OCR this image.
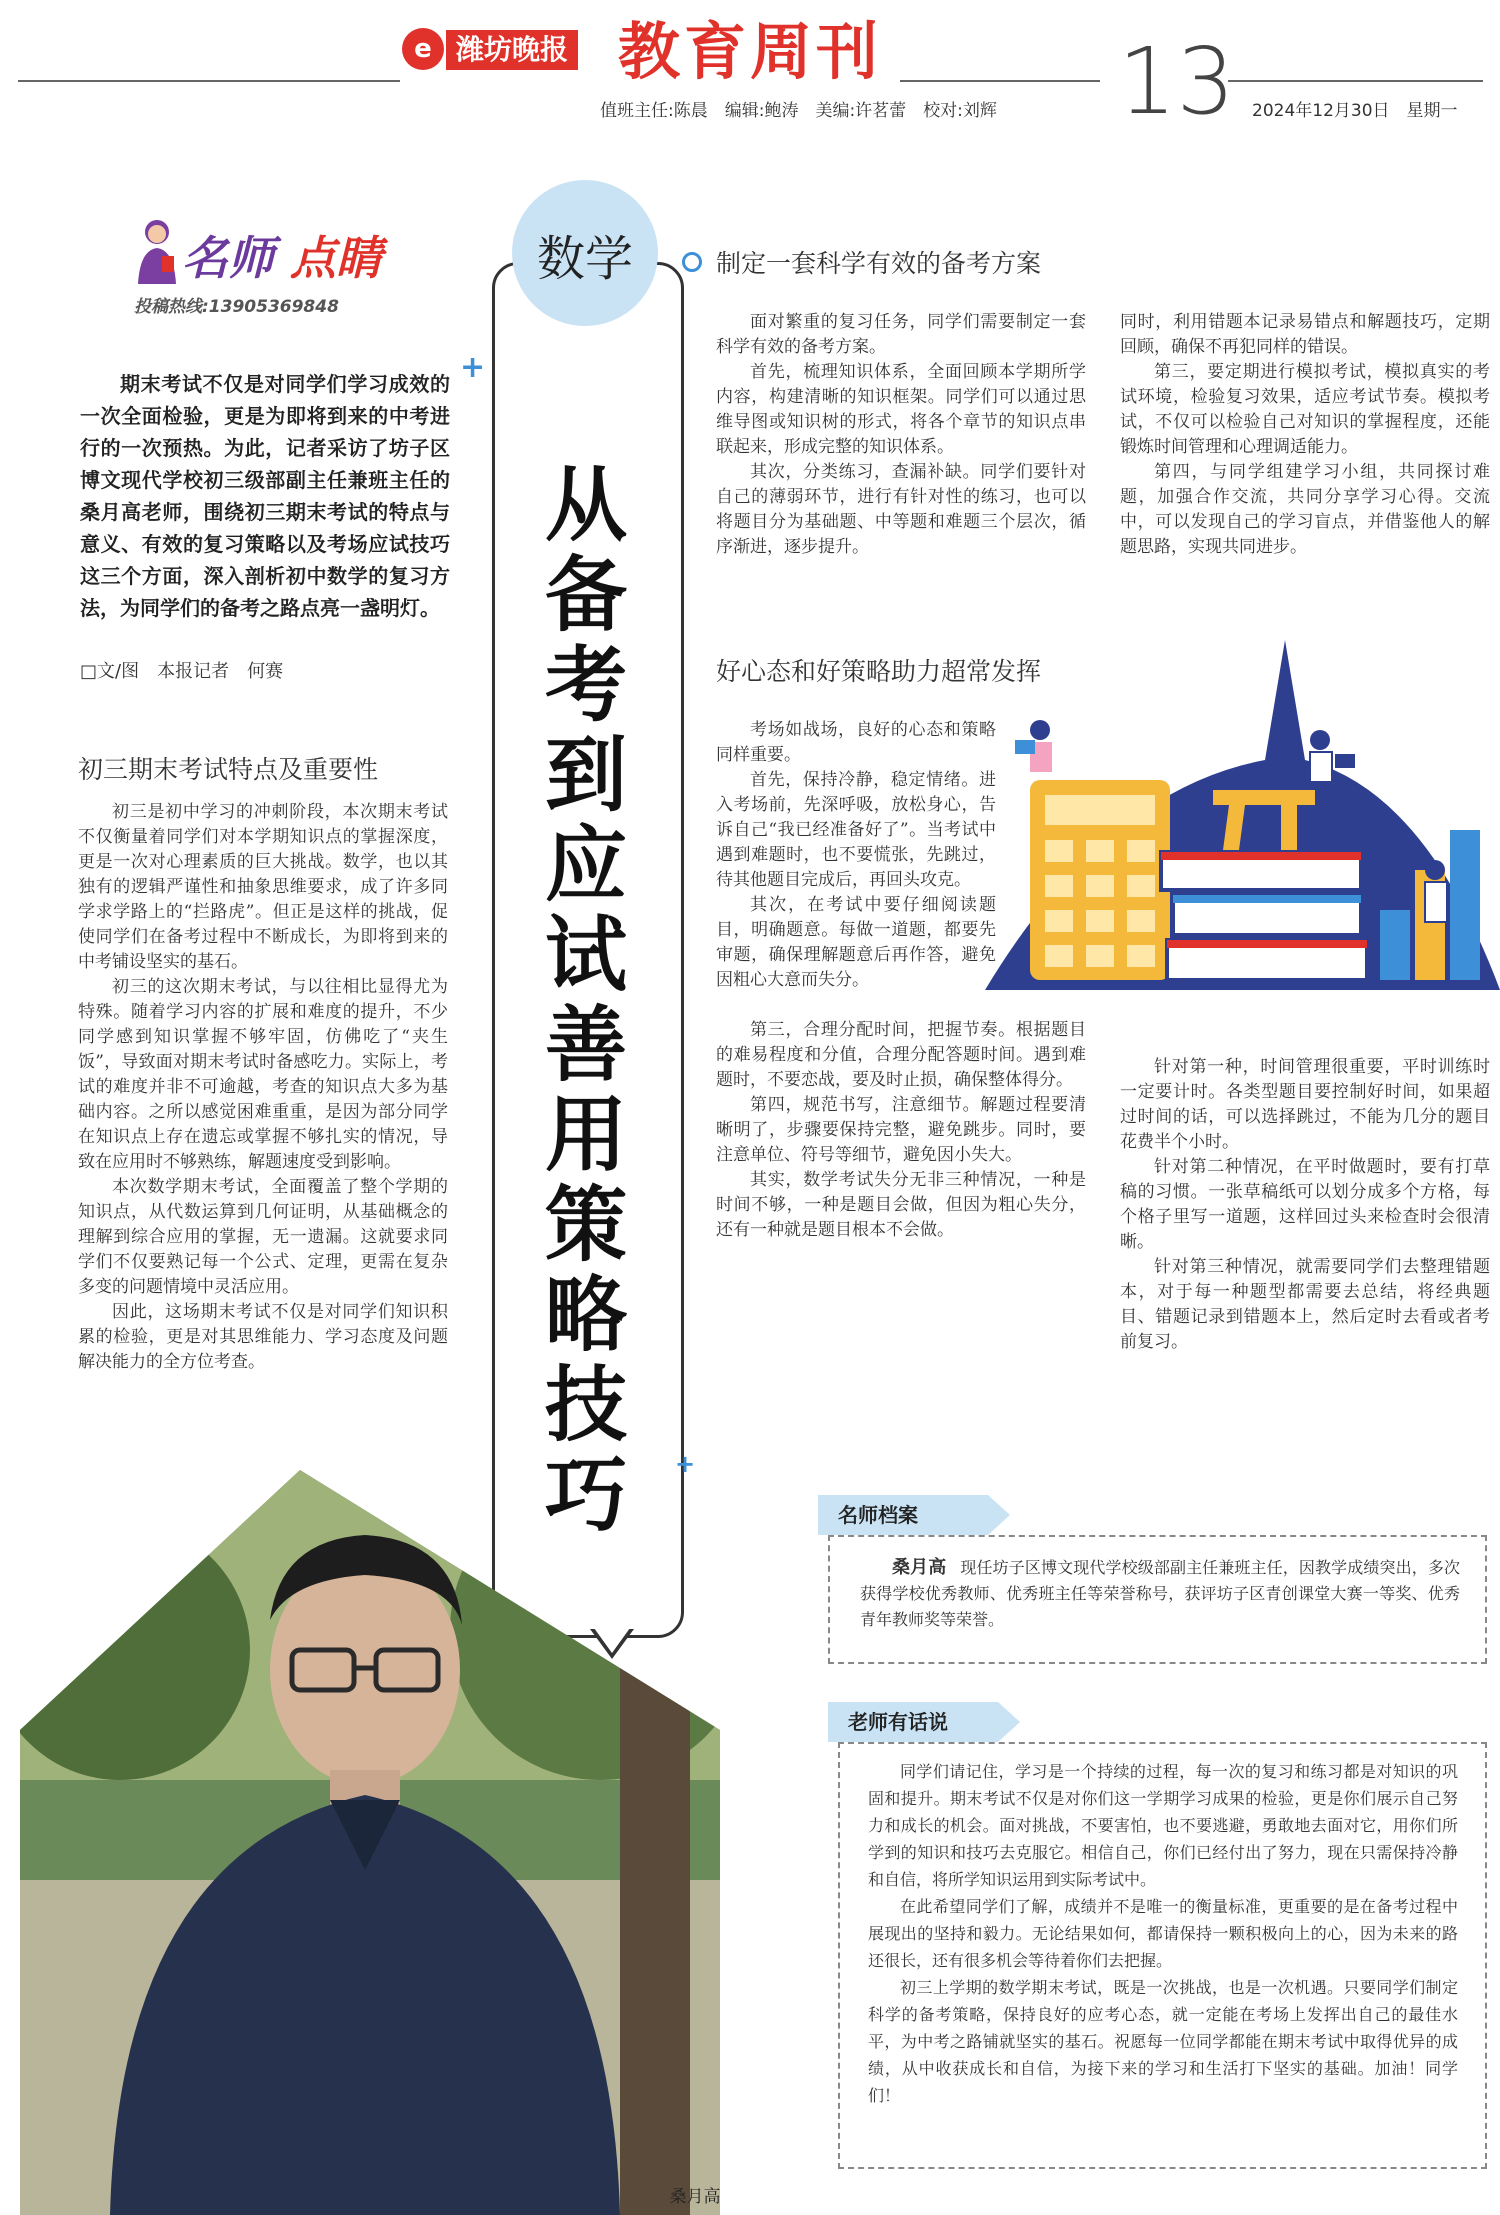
e 潍坊晚报 教育周刊
值班主任:陈晨　编辑:鲍涛　美编:许茗蕾　校对:刘辉 13 2024年12月30日　星期一
名师 点睛
投稿热线:13905369848

期末考试不仅是对同学们学习成效的一次全面检验，更是为即将到来的中考进行的一次预热。为此，记者采访了坊子区博文现代学校初三级部副主任兼班主任的桑月高老师，围绕初三期末考试的特点与意义、有效的复习策略以及考场应试技巧这三个方面，深入剖析初中数学的复习方法，为同学们的备考之路点亮一盏明灯。

□文/图　本报记者　何赛
+
初三期末考试特点及重要性

初三是初中学习的冲刺阶段，本次期末考试不仅衡量着同学们对本学期知识点的掌握深度，更是一次对心理素质的巨大挑战。数学，也以其独有的逻辑严谨性和抽象思维要求，成了许多同学求学路上的“拦路虎”。但正是这样的挑战，促使同学们在备考过程中不断成长，为即将到来的中考铺设坚实的基石。

初三的这次期末考试，与以往相比显得尤为特殊。随着学习内容的扩展和难度的提升，不少同学感到知识掌握不够牢固，仿佛吃了“夹生饭”，导致面对期末考试时备感吃力。实际上，考试的难度并非不可逾越，考查的知识点大多为基础内容。之所以感觉困难重重，是因为部分同学在知识点上存在遗忘或掌握不够扎实的情况，导致在应用时不够熟练，解题速度受到影响。

本次数学期末考试，全面覆盖了整个学期的知识点，从代数运算到几何证明，从基础概念的理解到综合应用的掌握，无一遗漏。这就要求同学们不仅要熟记每一个公式、定理，更需在复杂多变的问题情境中灵活应用。

因此，这场期末考试不仅是对同学们知识积累的检验，更是对其思维能力、学习态度及问题解决能力的全方位考查。

数学
从备考到应试　善用策略技巧 +
制定一套科学有效的备考方案

面对繁重的复习任务，同学们需要制定一套科学有效的备考方案。

首先，梳理知识体系，全面回顾本学期所学内容，构建清晰的知识框架。同学们可以通过思维导图或知识树的形式，将各个章节的知识点串联起来，形成完整的知识体系。

其次，分类练习，查漏补缺。同学们要针对自己的薄弱环节，进行有针对性的练习，也可以将题目分为基础题、中等题和难题三个层次，循序渐进，逐步提升。

同时，利用错题本记录易错点和解题技巧，定期回顾，确保不再犯同样的错误。

第三，要定期进行模拟考试，模拟真实的考试环境，检验复习效果，适应考试节奏。模拟考试，不仅可以检验自己对知识的掌握程度，还能锻炼时间管理和心理调适能力。

第四，与同学组建学习小组，共同探讨难题，加强合作交流，共同分享学习心得。交流中，可以发现自己的学习盲点，并借鉴他人的解题思路，实现共同进步。

好心态和好策略助力超常发挥

考场如战场，良好的心态和策略同样重要。

首先，保持冷静，稳定情绪。进入考场前，先深呼吸，放松身心，告诉自己“我已经准备好了”。当考试中遇到难题时，也不要慌张，先跳过，待其他题目完成后，再回头攻克。

其次，在考试中要仔细阅读题目，明确题意。每做一道题，都要先审题，确保理解题意后再作答，避免因粗心大意而失分。

第三，合理分配时间，把握节奏。根据题目的难易程度和分值，合理分配答题时间。遇到难题时，不要恋战，要及时止损，确保整体得分。

第四，规范书写，注意细节。解题过程要清晰明了，步骤要保持完整，避免跳步。同时，要注意单位、符号等细节，避免因小失大。

其实，数学考试失分无非三种情况，一种是时间不够，一种是题目会做，但因为粗心失分，还有一种就是题目根本不会做。

针对第一种，时间管理很重要，平时训练时一定要计时。各类型题目要控制好时间，如果超过时间的话，可以选择跳过，不能为几分的题目花费半个小时。

针对第二种情况，在平时做题时，要有打草稿的习惯。一张草稿纸可以划分成多个方格，每个格子里写一道题，这样回过头来检查时会很清晰。

针对第三种情况，就需要同学们去整理错题本，对于每一种题型都需要去总结，将经典题目、错题记录到错题本上，然后定时去看或者考前复习。

名师档案

桑月高 现任坊子区博文现代学校级部副主任兼班主任，因教学成绩突出，多次获得学校优秀教师、优秀班主任等荣誉称号，获评坊子区青创课堂大赛一等奖、优秀青年教师奖等荣誉。

老师有话说

同学们请记住，学习是一个持续的过程，每一次的复习和练习都是对知识的巩固和提升。期末考试不仅是对你们这一学期学习成果的检验，更是你们展示自己努力和成长的机会。面对挑战，不要害怕，也不要逃避，勇敢地去面对它，用你们所学到的知识和技巧去克服它。相信自己，你们已经付出了努力，现在只需保持冷静和自信，将所学知识运用到实际考试中。

在此希望同学们了解，成绩并不是唯一的衡量标准，更重要的是在备考过程中展现出的坚持和毅力。无论结果如何，都请保持一颗积极向上的心，因为未来的路还很长，还有很多机会等待着你们去把握。

初三上学期的数学期末考试，既是一次挑战，也是一次机遇。只要同学们制定科学的备考策略，保持良好的应考心态，就一定能在考场上发挥出自己的最佳水平，为中考之路铺就坚实的基石。祝愿每一位同学都能在期末考试中取得优异的成绩，从中收获成长和自信，为接下来的学习和生活打下坚实的基础。加油！同学们！

桑月高
